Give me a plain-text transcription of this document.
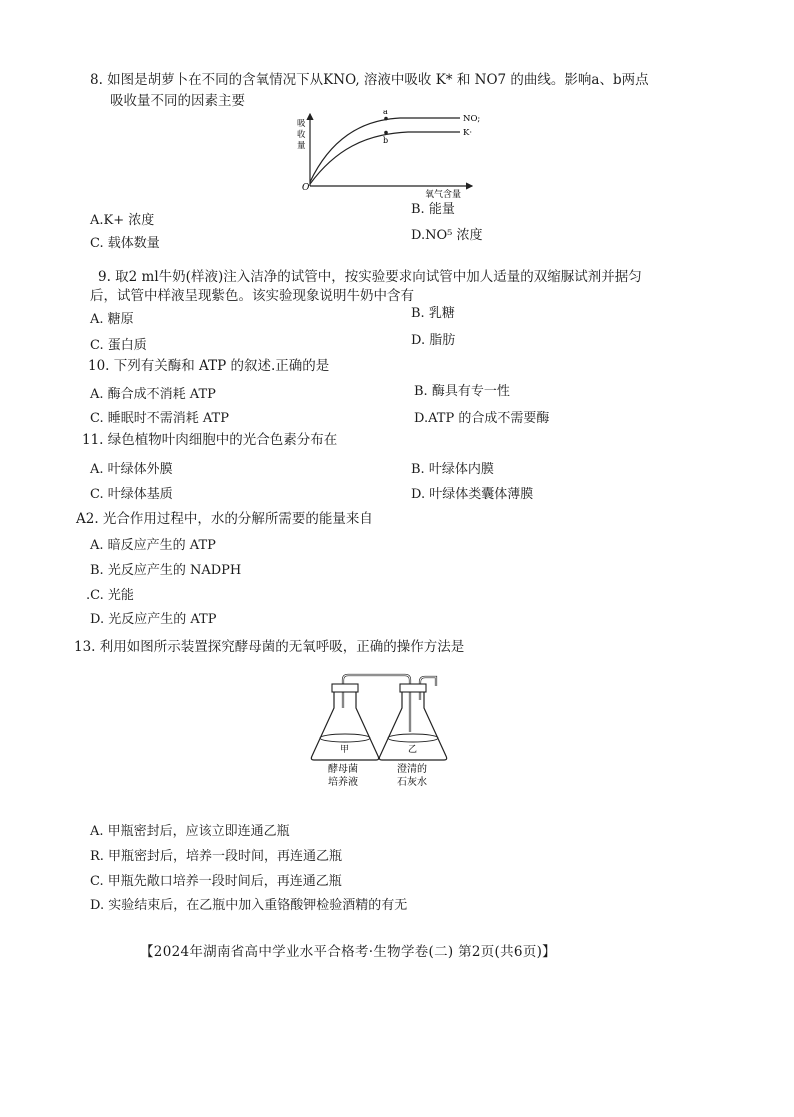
8. 如图是胡萝卜在不同的含氧情况下从KNO, 溶液中吸收 K* 和 NO7 的曲线。影响a、b两点
吸收量不同的因素主要
a
b
NO;
K·
吸
收
量
O
氧气含量
A.K+ 浓度
B. 能量
C. 载体数量
D.NO⁵ 浓度
9. 取2 ml牛奶(样液)注入洁净的试管中，按实验要求向试管中加人适量的双缩脲试剂并据匀
后，试管中样液呈现紫色。该实验现象说明牛奶中含有
A. 糖原	B. 乳糖
C. 蛋白质	D. 脂肪
10. 下列有关酶和 ATP 的叙述.正确的是
A. 酶合成不消耗 ATP	B. 酶具有专一性
C. 睡眠时不需消耗 ATP	D.ATP 的合成不需要酶
11. 绿色植物叶肉细胞中的光合色素分布在
A. 叶绿体外膜	B. 叶绿体内膜
C. 叶绿体基质	D. 叶绿体类囊体薄膜
A2. 光合作用过程中，水的分解所需要的能量来自
A. 暗反应产生的 ATP
B. 光反应产生的 NADPH
.C. 光能
D. 光反应产生的 ATP
13. 利用如图所示装置探究酵母菌的无氧呼吸，正确的操作方法是
甲	乙
酵母菌
培养液
澄清的
石灰水
A. 甲瓶密封后，应该立即连通乙瓶
R. 甲瓶密封后，培养一段时间，再连通乙瓶
C. 甲瓶先敞口培养一段时间后，再连通乙瓶
D. 实验结束后，在乙瓶中加入重铬酸钾检验酒精的有无
【2024年湖南省高中学业水平合格考·生物学卷(二) 第2页(共6页)】
